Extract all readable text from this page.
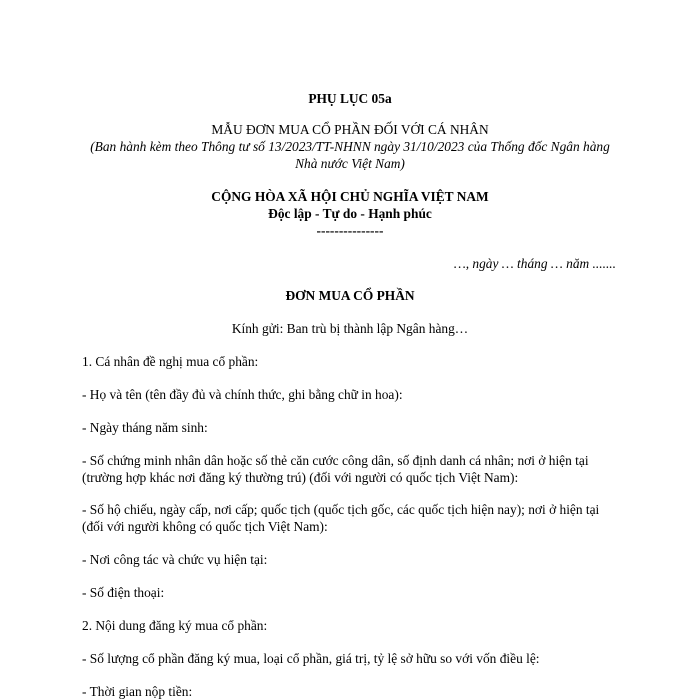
PHỤ LỤC 05a
MẪU ĐƠN MUA CỔ PHẦN ĐỐI VỚI CÁ NHÂN
(Ban hành kèm theo Thông tư số 13/2023/TT-NHNN ngày 31/10/2023 của Thống đốc Ngân hàng
Nhà nước Việt Nam)
CỘNG HÒA XÃ HỘI CHỦ NGHĨA VIỆT NAM
Độc lập - Tự do - Hạnh phúc
---------------
…, ngày … tháng … năm .......
ĐƠN MUA CỔ PHẦN
Kính gửi: Ban trù bị thành lập Ngân hàng…
1. Cá nhân đề nghị mua cổ phần:
- Họ và tên (tên đầy đủ và chính thức, ghi bằng chữ in hoa):
- Ngày tháng năm sinh:
- Số chứng minh nhân dân hoặc số thẻ căn cước công dân, số định danh cá nhân; nơi ở hiện tại
(trường hợp khác nơi đăng ký thường trú) (đối với người có quốc tịch Việt Nam):
- Số hộ chiếu, ngày cấp, nơi cấp; quốc tịch (quốc tịch gốc, các quốc tịch hiện nay); nơi ở hiện tại
(đối với người không có quốc tịch Việt Nam):
- Nơi công tác và chức vụ hiện tại:
- Số điện thoại:
2. Nội dung đăng ký mua cổ phần:
- Số lượng cổ phần đăng ký mua, loại cổ phần, giá trị, tỷ lệ sở hữu so với vốn điều lệ:
- Thời gian nộp tiền:
